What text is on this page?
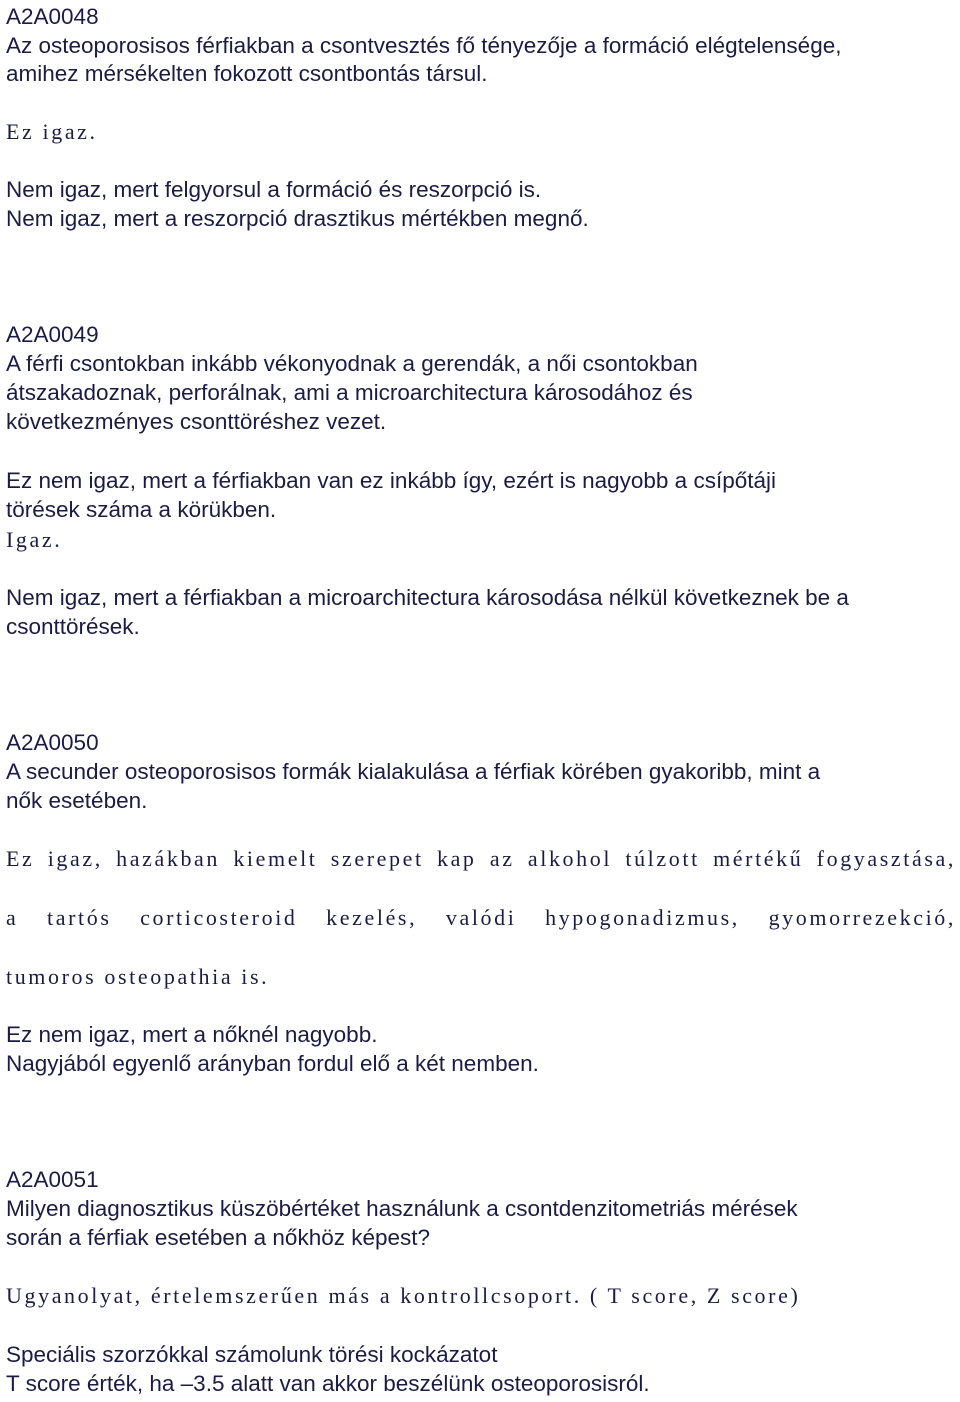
A2A0048
Az osteoporosisos férfiakban a csontvesztés fő tényezője a formáció elégtelensége,
amihez mérsékelten fokozott csontbontás társul.
Ez igaz.
Nem igaz, mert felgyorsul a formáció és reszorpció is.
Nem igaz, mert a reszorpció drasztikus mértékben megnő.
A2A0049
A férfi csontokban inkább vékonyodnak a gerendák, a női csontokban
átszakadoznak, perforálnak, ami a microarchitectura károsodához és
következményes csonttöréshez vezet.
Ez nem igaz, mert a férfiakban van ez inkább így, ezért is nagyobb a csípőtáji
törések száma a körükben.
Igaz.
Nem igaz, mert a férfiakban a microarchitectura károsodása nélkül következnek be a
csonttörések.
A2A0050
A secunder osteoporosisos formák kialakulása a férfiak körében gyakoribb, mint a
nők esetében.
Ez igaz, hazákban kiemelt szerepet kap az alkohol túlzott mértékű fogyasztása,
a tartós corticosteroid kezelés, valódi hypogonadizmus, gyomorrezekció,
tumoros osteopathia is.
Ez nem igaz, mert a nőknél nagyobb.
Nagyjából egyenlő arányban fordul elő a két nemben.
A2A0051
Milyen diagnosztikus küszöbértéket használunk a csontdenzitometriás mérések
során a férfiak esetében a nőkhöz képest?
Ugyanolyat, értelemszerűen más a kontrollcsoport. ( T score, Z score)
Speciális szorzókkal számolunk törési kockázatot
T score érték, ha –3.5 alatt van akkor beszélünk osteoporosisról.
